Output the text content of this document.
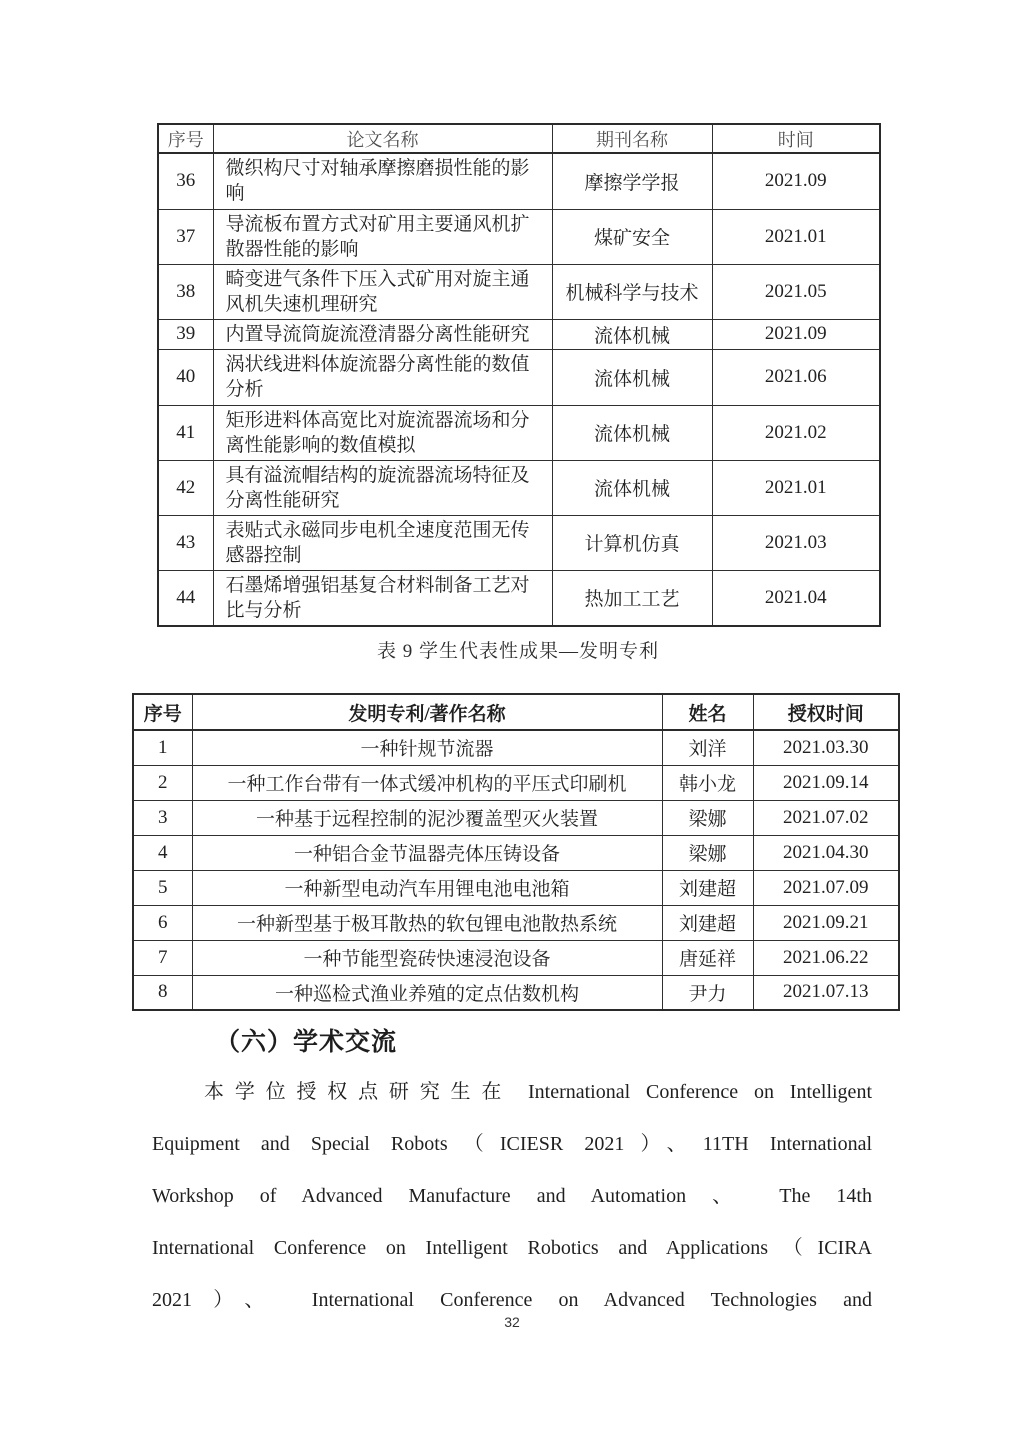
序号	论文名称	期刊名称	时间
36	微织构尺寸对轴承摩擦磨损性能的影响	摩擦学学报	2021.09
37	导流板布置方式对矿用主要通风机扩散器性能的影响	煤矿安全	2021.01
38	畸变进气条件下压入式矿用对旋主通风机失速机理研究	机械科学与技术	2021.05
39	内置导流筒旋流澄清器分离性能研究	流体机械	2021.09
40	涡状线进料体旋流器分离性能的数值分析	流体机械	2021.06
41	矩形进料体高宽比对旋流器流场和分离性能影响的数值模拟	流体机械	2021.02
42	具有溢流帽结构的旋流器流场特征及分离性能研究	流体机械	2021.01
43	表贴式永磁同步电机全速度范围无传感器控制	计算机仿真	2021.03
44	石墨烯增强铝基复合材料制备工艺对比与分析	热加工工艺	2021.04
表 9 学生代表性成果—发明专利
序号	发明专利/著作名称	姓名	授权时间
1	一种针规节流器	刘洋	2021.03.30
2	一种工作台带有一体式缓冲机构的平压式印刷机	韩小龙	2021.09.14
3	一种基于远程控制的泥沙覆盖型灭火装置	梁娜	2021.07.02
4	一种铝合金节温器壳体压铸设备	梁娜	2021.04.30
5	一种新型电动汽车用锂电池电池箱	刘建超	2021.07.09
6	一种新型基于极耳散热的软包锂电池散热系统	刘建超	2021.09.21
7	一种节能型瓷砖快速浸泡设备	唐延祥	2021.06.22
8	一种巡检式渔业养殖的定点估数机构	尹力	2021.07.13
（六）学术交流
本学位授权点研究生在 International Conference on Intelligent
Equipment and Special Robots（ICIESR 2021）、11TH International
Workshop of Advanced Manufacture and Automation 、 The 14th
International Conference on Intelligent Robotics and Applications（ICIRA
2021）、 International Conference on Advanced Technologies and
32
